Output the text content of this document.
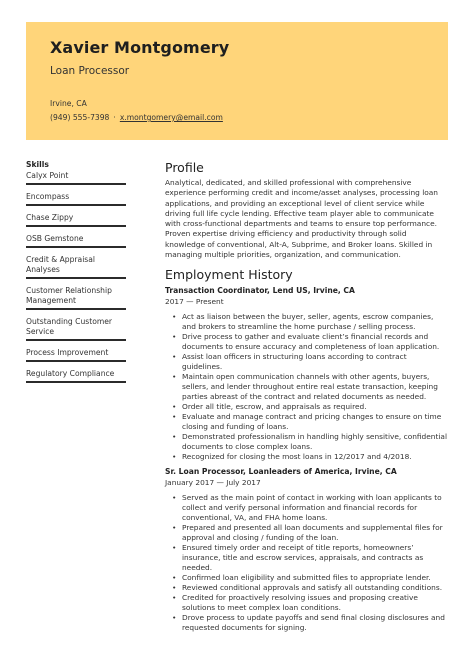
Xavier Montgomery
Loan Processor
Irvine, CA
(949) 555-7398 · x.montgomery@email.com
Skills
Calyx Point
Encompass
Chase Zippy
OSB Gemstone
Credit & Appraisal Analyses
Customer Relationship Management
Outstanding Customer Service
Process Improvement
Regulatory Compliance
Profile
Analytical, dedicated, and skilled professional with comprehensive experience performing credit and income/asset analyses, processing loan applications, and providing an exceptional level of client service while driving full life cycle lending. Effective team player able to communicate with cross-functional departments and teams to ensure top performance. Proven expertise driving efficiency and productivity through solid knowledge of conventional, Alt-A, Subprime, and Broker loans. Skilled in managing multiple priorities, organization, and communication.
Employment History
Transaction Coordinator, Lend US, Irvine, CA
2017 — Present
• Act as liaison between the buyer, seller, agents, escrow companies, and brokers to streamline the home purchase / selling process.
• Drive process to gather and evaluate client’s financial records and documents to ensure accuracy and completeness of loan application.
• Assist loan officers in structuring loans according to contract guidelines.
• Maintain open communication channels with other agents, buyers, sellers, and lender throughout entire real estate transaction, keeping parties abreast of the contract and related documents as needed.
• Order all title, escrow, and appraisals as required.
• Evaluate and manage contract and pricing changes to ensure on time closing and funding of loans.
• Demonstrated professionalism in handling highly sensitive, confidential documents to close complex loans.
• Recognized for closing the most loans in 12/2017 and 4/2018.
Sr. Loan Processor, Loanleaders of America, Irvine, CA
January 2017 — July 2017
• Served as the main point of contact in working with loan applicants to collect and verify personal information and financial records for conventional, VA, and FHA home loans.
• Prepared and presented all loan documents and supplemental files for approval and closing / funding of the loan.
• Ensured timely order and receipt of title reports, homeowners’ insurance, title and escrow services, appraisals, and contracts as needed.
• Confirmed loan eligibility and submitted files to appropriate lender.
• Reviewed conditional approvals and satisfy all outstanding conditions.
• Credited for proactively resolving issues and proposing creative solutions to meet complex loan conditions.
• Drove process to update payoffs and send final closing disclosures and requested documents for signing.
